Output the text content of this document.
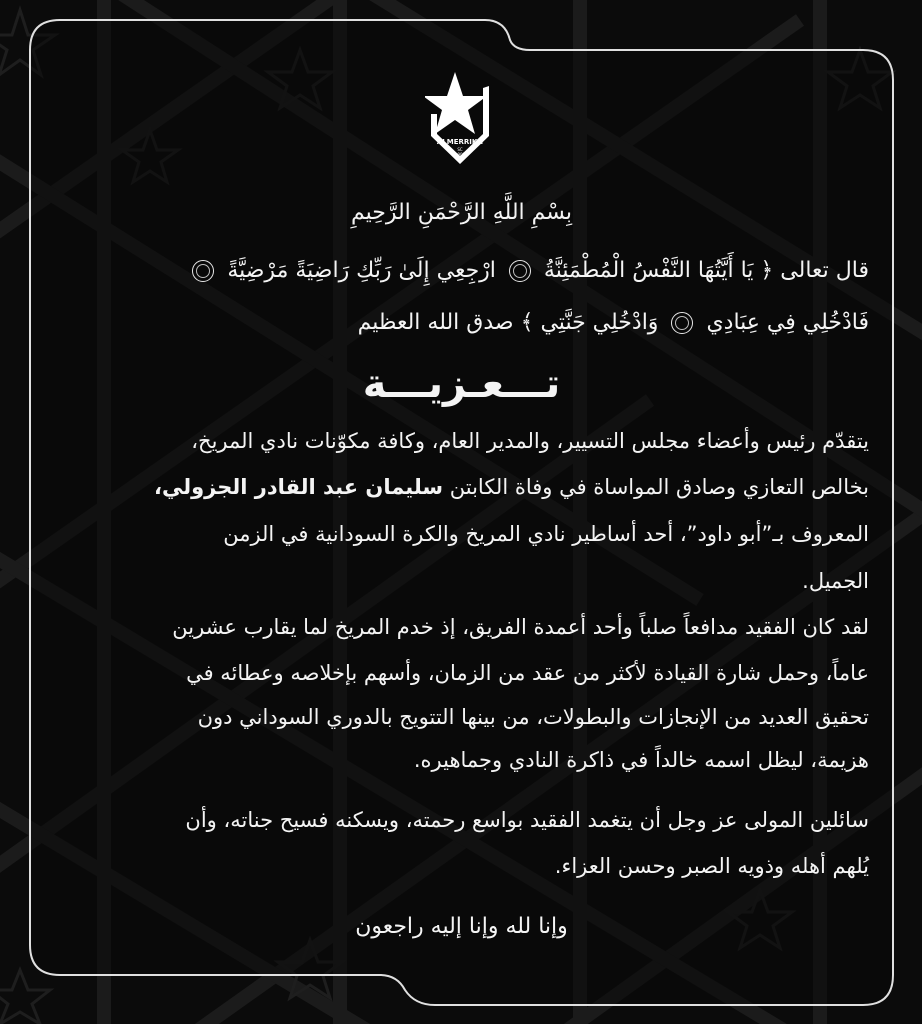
ALMERRIKH
SC
1908
بِسْمِ اللَّهِ الرَّحْمَنِ الرَّحِيمِ
قال تعالى ﴿ يَا أَيَّتُهَا النَّفْسُ الْمُطْمَئِنَّةُ  ارْجِعِي إِلَىٰ رَبِّكِ رَاضِيَةً مَرْضِيَّةً
فَادْخُلِي فِي عِبَادِي  وَادْخُلِي جَنَّتِي ﴾ صدق الله العظيم
تـــعـزيـــة
يتقدّم رئيس وأعضاء مجلس التسيير، والمدير العام، وكافة مكوّنات نادي المريخ،
بخالص التعازي وصادق المواساة في وفاة الكابتن سليمان عبد القادر الجزولي،
المعروف بـ”أبو داود”، أحد أساطير نادي المريخ والكرة السودانية في الزمن
الجميل.
لقد كان الفقيد مدافعاً صلباً وأحد أعمدة الفريق، إذ خدم المريخ لما يقارب عشرين
عاماً، وحمل شارة القيادة لأكثر من عقد من الزمان، وأسهم بإخلاصه وعطائه في
تحقيق العديد من الإنجازات والبطولات، من بينها التتويج بالدوري السوداني دون
هزيمة، ليظل اسمه خالداً في ذاكرة النادي وجماهيره.
سائلين المولى عز وجل أن يتغمد الفقيد بواسع رحمته، ويسكنه فسيح جناته، وأن
يُلهم أهله وذويه الصبر وحسن العزاء.
وإنا لله وإنا إليه راجعون
